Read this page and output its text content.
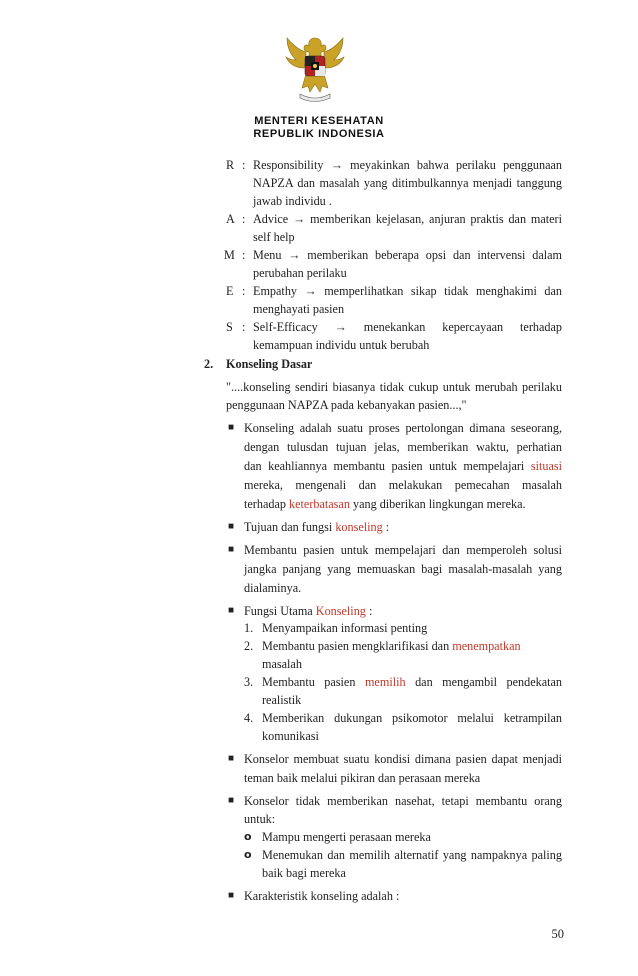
MENTERI KESEHATAN
REPUBLIK INDONESIA
R : Responsibility → meyakinkan bahwa perilaku penggunaan
NAPZA dan masalah yang ditimbulkannya menjadi tanggung
jawab individu .
A : Advice → memberikan kejelasan, anjuran praktis dan materi
self help
M : Menu → memberikan beberapa opsi dan intervensi dalam
perubahan perilaku
E : Empathy → memperlihatkan sikap tidak menghakimi dan
menghayati pasien
S : Self-Efficacy → menekankan kepercayaan terhadap
kemampuan individu untuk berubah
2. Konseling Dasar
"....konseling sendiri biasanya tidak cukup untuk merubah perilaku
penggunaan NAPZA pada kebanyakan pasien...,"
■ Konseling adalah suatu proses pertolongan dimana seseorang,
dengan tulusdan tujuan jelas, memberikan waktu, perhatian
dan keahliannya membantu pasien untuk mempelajari situasi
mereka, mengenali dan melakukan pemecahan masalah
terhadap keterbatasan yang diberikan lingkungan mereka.
■ Tujuan dan fungsi konseling :
■ Membantu pasien untuk mempelajari dan memperoleh solusi
jangka panjang yang memuaskan bagi masalah-masalah yang
dialaminya.
■ Fungsi Utama Konseling :
1. Menyampaikan informasi penting
2. Membantu pasien mengklarifikasi dan menempatkan
masalah
3. Membantu pasien memilih dan mengambil pendekatan
realistik
4. Memberikan dukungan psikomotor melalui ketrampilan
komunikasi
■ Konselor membuat suatu kondisi dimana pasien dapat menjadi
teman baik melalui pikiran dan perasaan mereka
■ Konselor tidak memberikan nasehat, tetapi membantu orang
untuk:
o Mampu mengerti perasaan mereka
o Menemukan dan memilih alternatif yang nampaknya paling
baik bagi mereka
■ Karakteristik konseling adalah :
50
